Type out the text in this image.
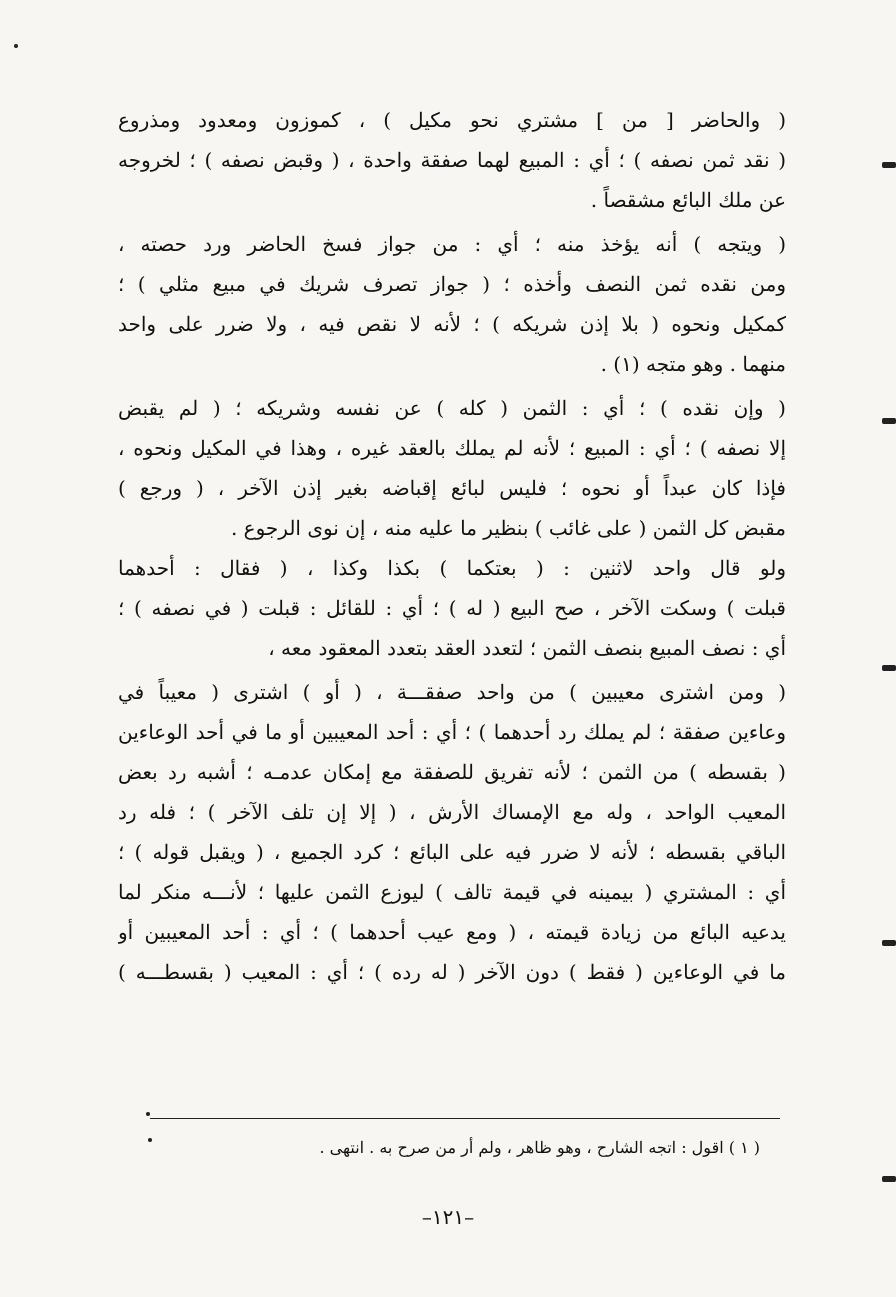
( والحاضر [ من ] مشتري نحو مكيل ) ، كموزون ومعدود ومذروع
( نقد ثمن نصفه ) ؛ أي : المبيع لهما صفقة واحدة ، ( وقبض نصفه ) ؛ لخروجه
عن ملك البائع مشقصاً .
( ويتجه ) أنه يؤخذ منه ؛ أي : من جواز فسخ الحاضر ورد حصته ،
ومن نقده ثمن النصف وأخذه ؛ ( جواز تصرف شريك في مبيع مثلي ) ؛
كمكيل ونحوه ( بلا إذن شريكه ) ؛ لأنه لا نقص فيه ، ولا ضرر على واحد
منهما . وهو متجه (١) .
( وإن نقده ) ؛ أي : الثمن ( كله ) عن نفسه وشريكه ؛ ( لم يقبض
إلا نصفه ) ؛ أي : المبيع ؛ لأنه لم يملك بالعقد غيره ، وهذا في المكيل ونحوه ،
فإذا كان عبداً أو نحوه ؛ فليس لبائع إقباضه بغير إذن الآخر ، ( ورجع )
مقبض كل الثمن ( على غائب ) بنظير ما عليه منه ، إن نوى الرجوع .
ولو قال واحد لاثنين : ( بعتكما ) بكذا وكذا ، ( فقال : أحدهما
قبلت ) وسكت الآخر ، صح البيع ( له ) ؛ أي : للقائل : قبلت ( في نصفه ) ؛
أي : نصف المبيع بنصف الثمن ؛ لتعدد العقد بتعدد المعقود معه ،
( ومن اشترى معيبين ) من واحد صفقـــة ، ( أو ) اشترى ( معيباً في
وعاءين صفقة ؛ لم يملك رد أحدهما ) ؛ أي : أحد المعيبين أو ما في أحد الوعاءين
( بقسطه ) من الثمن ؛ لأنه تفريق للصفقة مع إمكان عدمـه ؛ أشبه رد بعض
المعيب الواحد ، وله مع الإمساك الأرش ، ( إلا إن تلف الآخر ) ؛ فله رد
الباقي بقسطه ؛ لأنه لا ضرر فيه على البائع ؛ كرد الجميع ، ( ويقبل قوله ) ؛
أي : المشتري ( بيمينه في قيمة تالف ) ليوزع الثمن عليها ؛ لأنـــه منكر لما
يدعيه البائع من زيادة قيمته ، ( ومع عيب أحدهما ) ؛ أي : أحد المعيبين أو
ما في الوعاءين ( فقط ) دون الآخر ( له رده ) ؛ أي : المعيب ( بقسطـــه )
( ١ ) اقول : اتجه الشارح ، وهو ظاهر ، ولم أر من صرح به . انتهى .
–١٢١–
